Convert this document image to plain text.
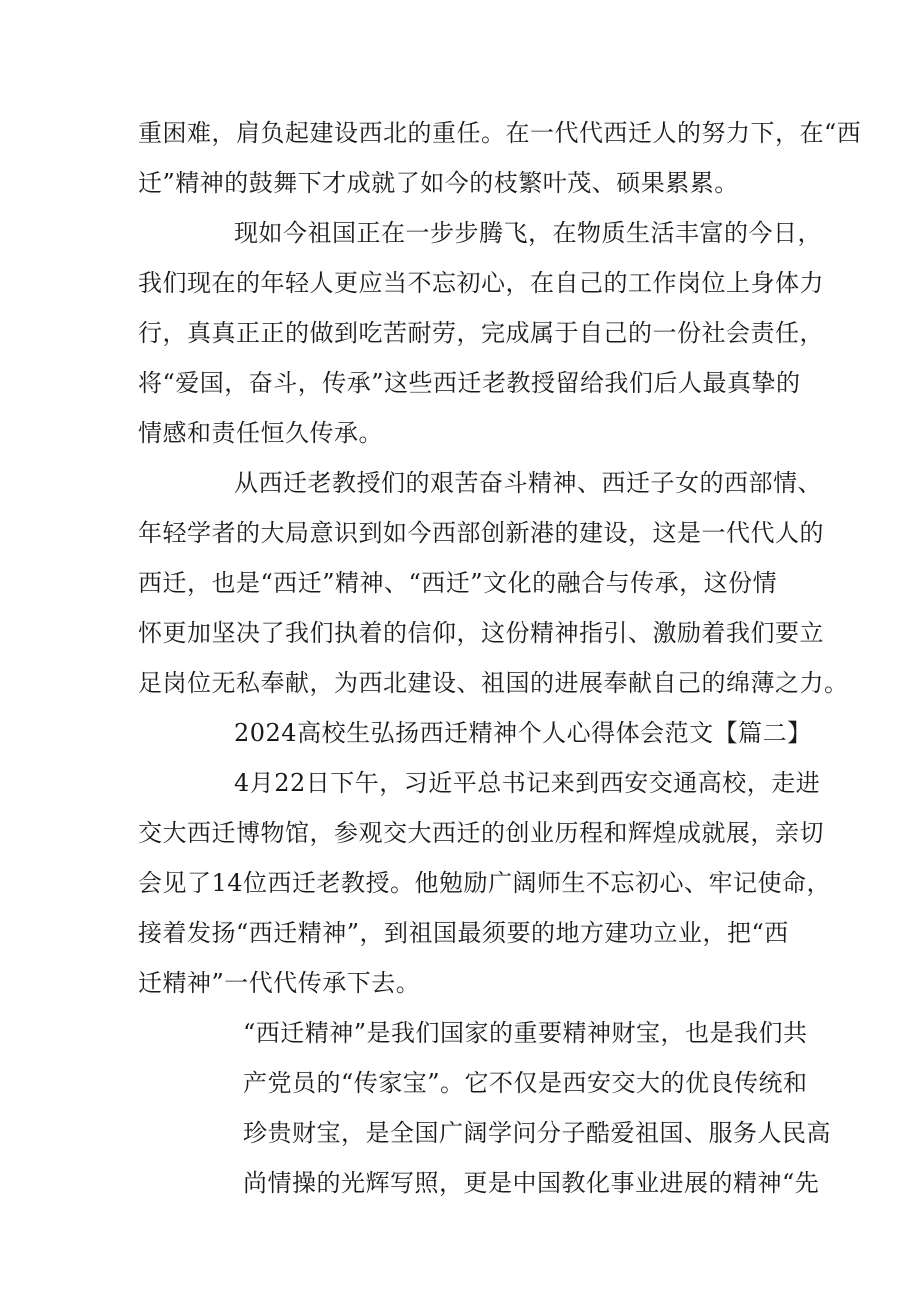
重困难，肩负起建设西北的重任。在一代代西迁人的努力下，在“西
迁”精神的鼓舞下才成就了如今的枝繁叶茂、硕果累累。
现如今祖国正在一步步腾飞，在物质生活丰富的今日，
我们现在的年轻人更应当不忘初心，在自己的工作岗位上身体力
行，真真正正的做到吃苦耐劳，完成属于自己的一份社会责任，
将“爱国，奋斗，传承”这些西迁老教授留给我们后人最真挚的
情感和责任恒久传承。
从西迁老教授们的艰苦奋斗精神、西迁子女的西部情、
年轻学者的大局意识到如今西部创新港的建设，这是一代代人的
西迁，也是“西迁”精神、“西迁”文化的融合与传承，这份情
怀更加坚决了我们执着的信仰，这份精神指引、激励着我们要立
足岗位无私奉献，为西北建设、祖国的进展奉献自己的绵薄之力。
2024高校生弘扬西迁精神个人心得体会范文【篇二】
4月22日下午，习近平总书记来到西安交通高校，走进
交大西迁博物馆，参观交大西迁的创业历程和辉煌成就展，亲切
会见了14位西迁老教授。他勉励广阔师生不忘初心、牢记使命，
接着发扬“西迁精神”，到祖国最须要的地方建功立业，把“西
迁精神”一代代传承下去。
“西迁精神”是我们国家的重要精神财宝，也是我们共
产党员的“传家宝”。它不仅是西安交大的优良传统和
珍贵财宝，是全国广阔学问分子酷爱祖国、服务人民高
尚情操的光辉写照，更是中国教化事业进展的精神“先
